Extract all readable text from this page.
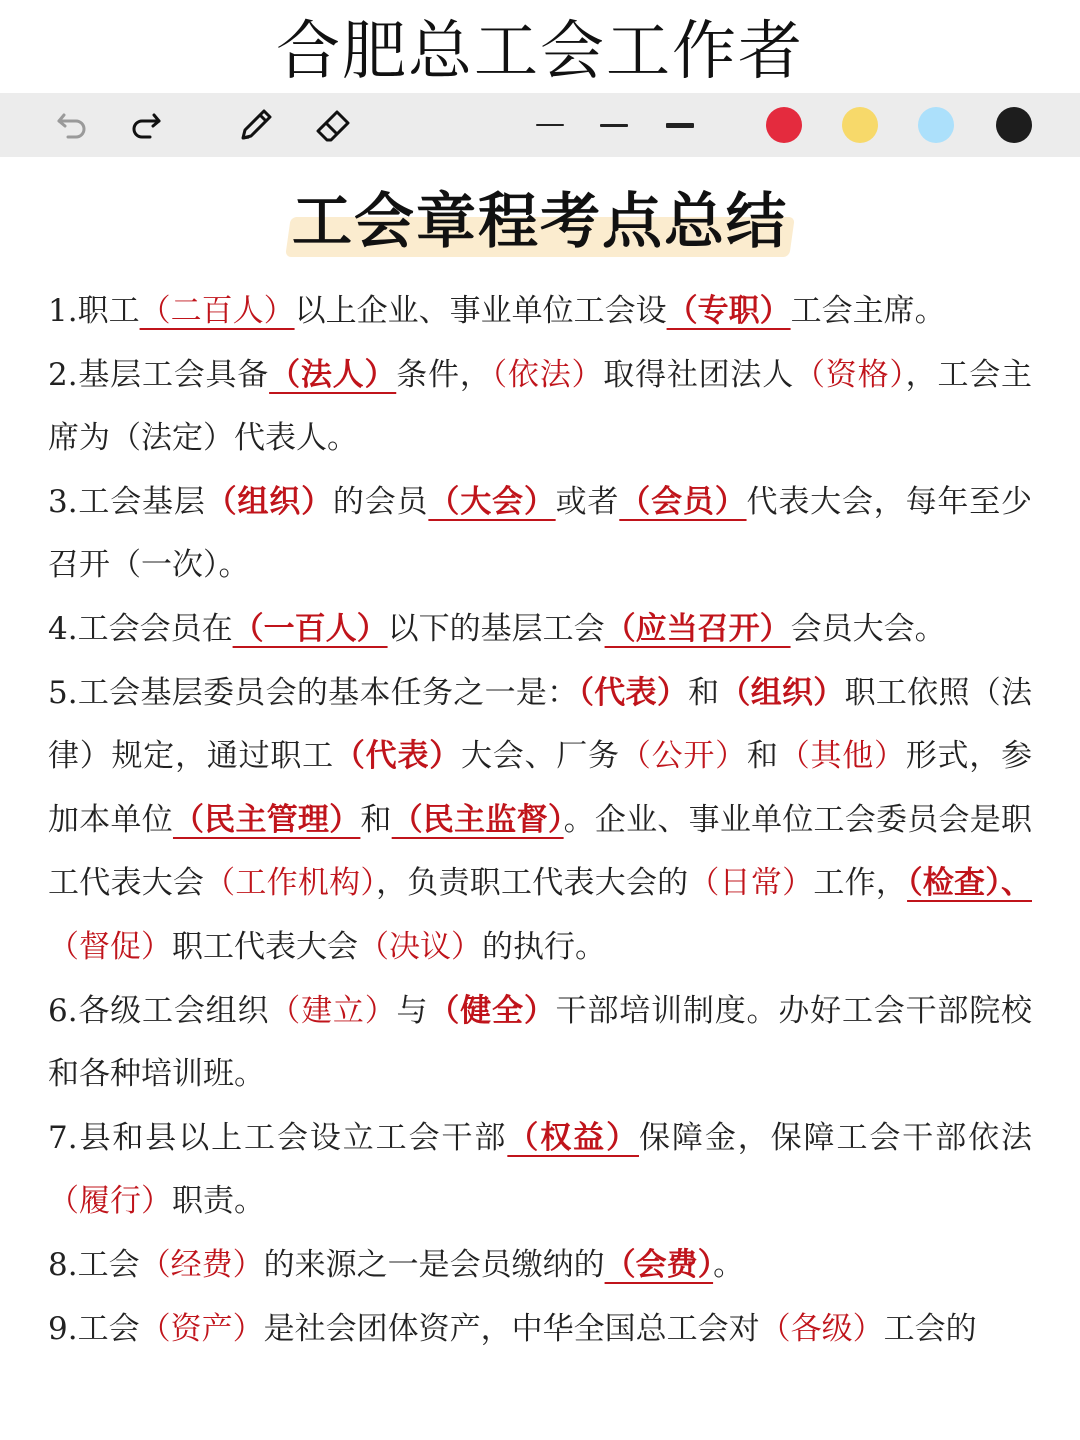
合肥总工会工作者
工会章程考点总结
1.职工（二百人）以上企业、事业单位工会设（专职）工会主席。
2.基层工会具备（法人）条件，（依法）取得社团法人（资格），工会主席为（法定）代表人。
3.工会基层（组织）的会员（大会）或者（会员）代表大会，每年至少召开（一次）。
4.工会会员在（一百人）以下的基层工会（应当召开）会员大会。
5.工会基层委员会的基本任务之一是：（代表）和（组织）职工依照（法律）规定，通过职工（代表）大会、厂务（公开）和（其他）形式，参加本单位（民主管理）和（民主监督）。企业、事业单位工会委员会是职工代表大会（工作机构），负责职工代表大会的（日常）工作，（检查）、（督促）职工代表大会（决议）的执行。
6.各级工会组织（建立）与（健全）干部培训制度。办好工会干部院校和各种培训班。
7.县和县以上工会设立工会干部（权益）保障金，保障工会干部依法（履行）职责。
8.工会（经费）的来源之一是会员缴纳的（会费）。
9.工会（资产）是社会团体资产，中华全国总工会对（各级）工会的
